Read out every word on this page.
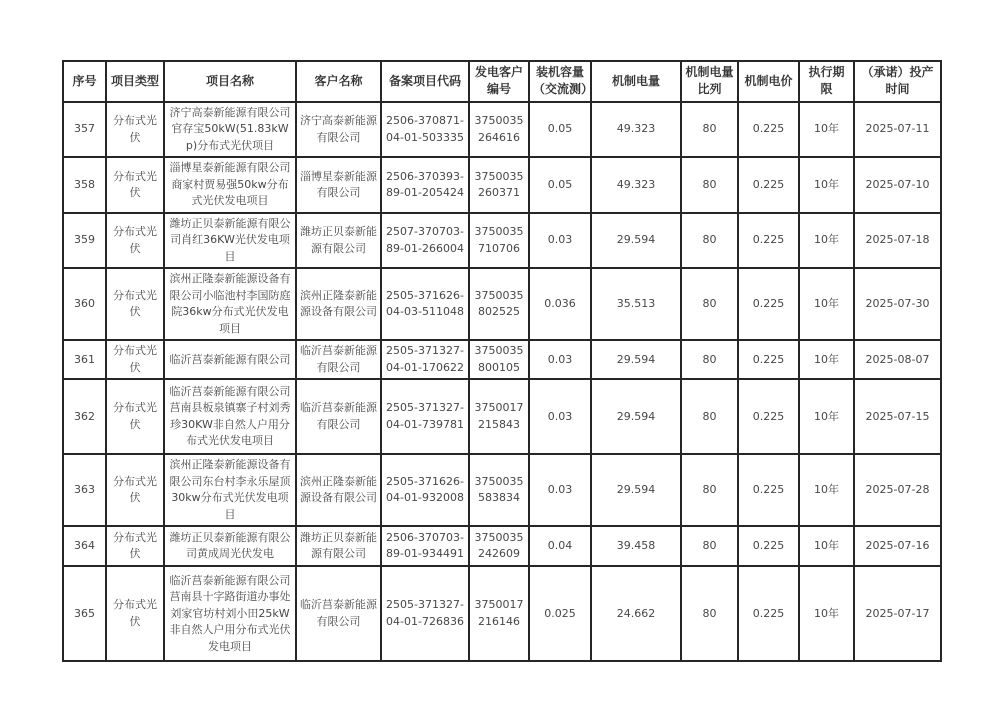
序号	项目类型	项目名称	客户名称	备案项目代码	发电客户编号	装机容量（交流测）	机制电量	机制电量比列	机制电价	执行期限	（承诺）投产时间
357	分布式光伏	济宁高泰新能源有限公司官存宝50kW(51.83kWp)分布式光伏项目	济宁高泰新能源有限公司	2506-370871-04-01-503335	3750035264616	0.05	49.323	80	0.225	10年	2025-07-11
358	分布式光伏	淄博星泰新能源有限公司商家村贾易强50kw分布式光伏发电项目	淄博星泰新能源有限公司	2506-370393-89-01-205424	3750035260371	0.05	49.323	80	0.225	10年	2025-07-10
359	分布式光伏	潍坊正贝泰新能源有限公司肖红36KW光伏发电项目	潍坊正贝泰新能源有限公司	2507-370703-89-01-266004	3750035710706	0.03	29.594	80	0.225	10年	2025-07-18
360	分布式光伏	滨州正隆泰新能源设备有限公司小临池村李国防庭院36kw分布式光伏发电项目	滨州正隆泰新能源设备有限公司	2505-371626-04-03-511048	3750035802525	0.036	35.513	80	0.225	10年	2025-07-30
361	分布式光伏	临沂莒泰新能源有限公司	临沂莒泰新能源有限公司	2505-371327-04-01-170622	3750035800105	0.03	29.594	80	0.225	10年	2025-08-07
362	分布式光伏	临沂莒泰新能源有限公司莒南县板泉镇寨子村刘秀珍30KW非自然人户用分布式光伏发电项目	临沂莒泰新能源有限公司	2505-371327-04-01-739781	3750017215843	0.03	29.594	80	0.225	10年	2025-07-15
363	分布式光伏	滨州正隆泰新能源设备有限公司东台村李永乐屋顶30kw分布式光伏发电项目	滨州正隆泰新能源设备有限公司	2505-371626-04-01-932008	3750035583834	0.03	29.594	80	0.225	10年	2025-07-28
364	分布式光伏	潍坊正贝泰新能源有限公司黄成周光伏发电	潍坊正贝泰新能源有限公司	2506-370703-89-01-934491	3750035242609	0.04	39.458	80	0.225	10年	2025-07-16
365	分布式光伏	临沂莒泰新能源有限公司莒南县十字路街道办事处刘家官坊村刘小田25kW非自然人户用分布式光伏发电项目	临沂莒泰新能源有限公司	2505-371327-04-01-726836	3750017216146	0.025	24.662	80	0.225	10年	2025-07-17
